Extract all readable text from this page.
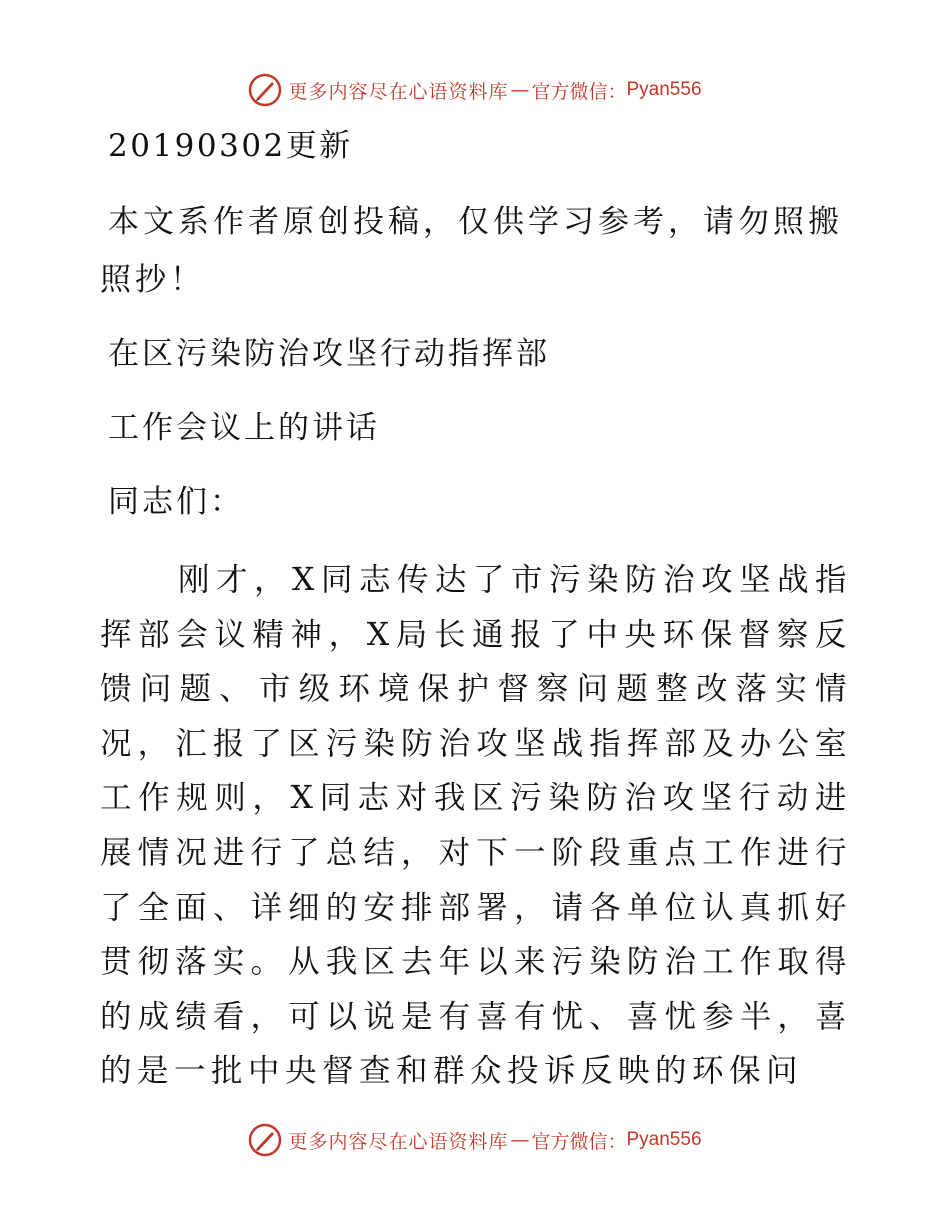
更多内容尽在心语资料库 — 官方微信： Pyan556
20190302更新
本文系作者原创投稿，仅供学习参考，请勿照搬
照抄！
在区污染防治攻坚行动指挥部
工作会议上的讲话
同志们：
刚才，X同志传达了市污染防治攻坚战指挥部会议精神，X局长通报了中央环保督察反馈问题、市级环境保护督察问题整改落实情况，汇报了区污染防治攻坚战指挥部及办公室工作规则，X同志对我区污染防治攻坚行动进展情况进行了总结，对下一阶段重点工作进行了全面、详细的安排部署，请各单位认真抓好贯彻落实。从我区去年以来污染防治工作取得的成绩看，可以说是有喜有忧、喜忧参半，喜的是一批中央督查和群众投诉反映的环保问
更多内容尽在心语资料库 — 官方微信： Pyan556
